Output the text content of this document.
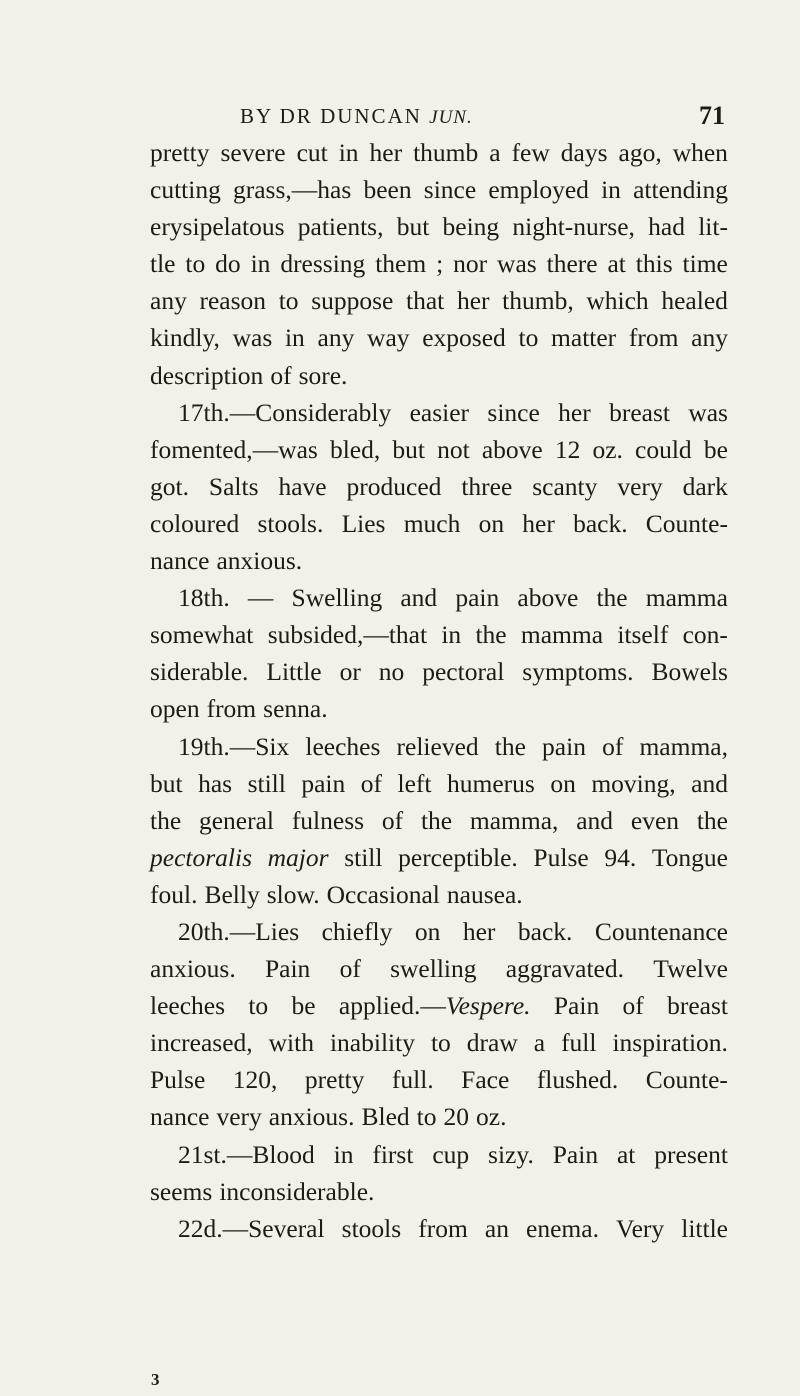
BY DR DUNCAN JUN.	71
pretty severe cut in her thumb a few days ago, when
cutting grass,—has been since employed in attending
erysipelatous patients, but being night-nurse, had lit-
tle to do in dressing them ; nor was there at this time
any reason to suppose that her thumb, which healed
kindly, was in any way exposed to matter from any
description of sore.
17th.—Considerably easier since her breast was
fomented,—was bled, but not above 12 oz. could be
got. Salts have produced three scanty very dark
coloured stools. Lies much on her back. Counte-
nance anxious.
18th. — Swelling and pain above the mamma
somewhat subsided,—that in the mamma itself con-
siderable. Little or no pectoral symptoms. Bowels
open from senna.
19th.—Six leeches relieved the pain of mamma,
but has still pain of left humerus on moving, and
the general fulness of the mamma, and even the
pectoralis major still perceptible. Pulse 94. Tongue
foul. Belly slow. Occasional nausea.
20th.—Lies chiefly on her back. Countenance
anxious. Pain of swelling aggravated. Twelve
leeches to be applied.—Vespere. Pain of breast
increased, with inability to draw a full inspiration.
Pulse 120, pretty full. Face flushed. Counte-
nance very anxious. Bled to 20 oz.
21st.—Blood in first cup sizy. Pain at present
seems inconsiderable.
22d.—Several stools from an enema. Very little
3
